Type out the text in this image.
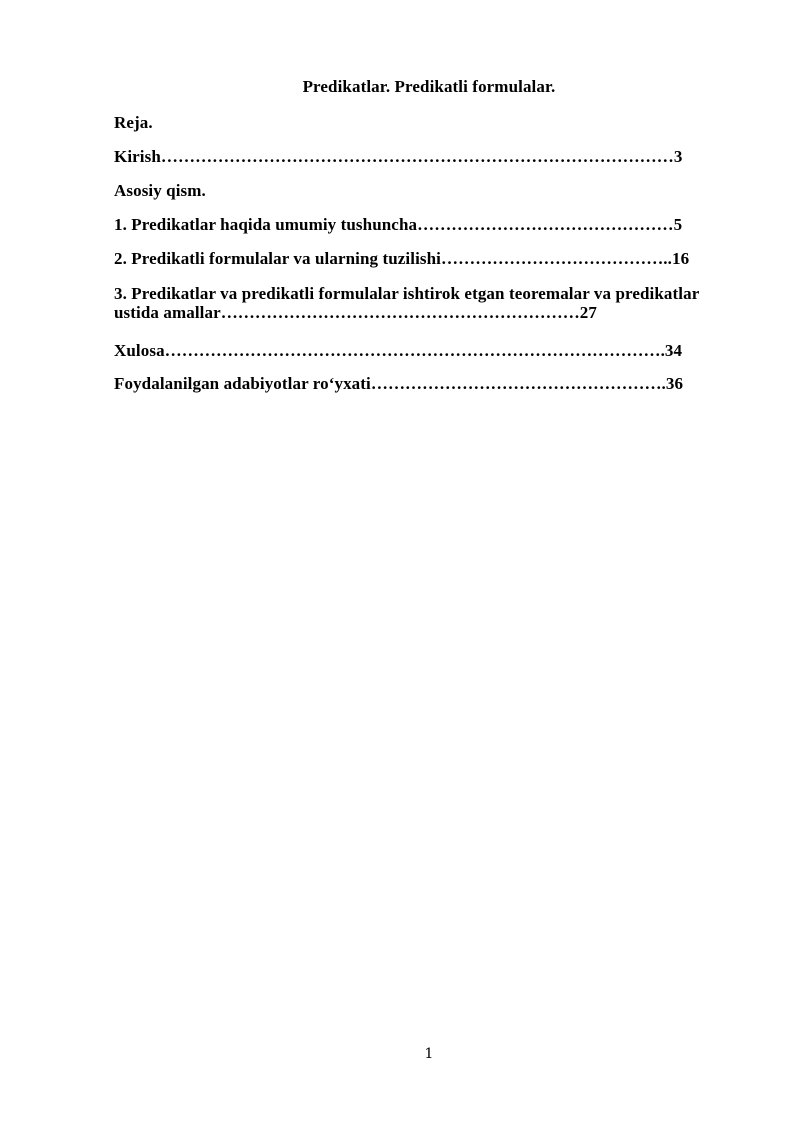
Predikatlar. Predikatli formulalar.
Reja.
Kirish………………………………………………………………………………3
Asosiy qism.
1. Predikatlar haqida umumiy tushuncha………………………………………5
2. Predikatli formulalar va ularning tuzilishi…………………………………..16
3. Predikatlar va predikatli formulalar ishtirok etgan teoremalar va predikatlar ustida amallar………………………………………………………27
Xulosa…………………………………………………………………………….34
Foydalanilgan adabiyotlar ro‘yxati…………………………………………….36
1
